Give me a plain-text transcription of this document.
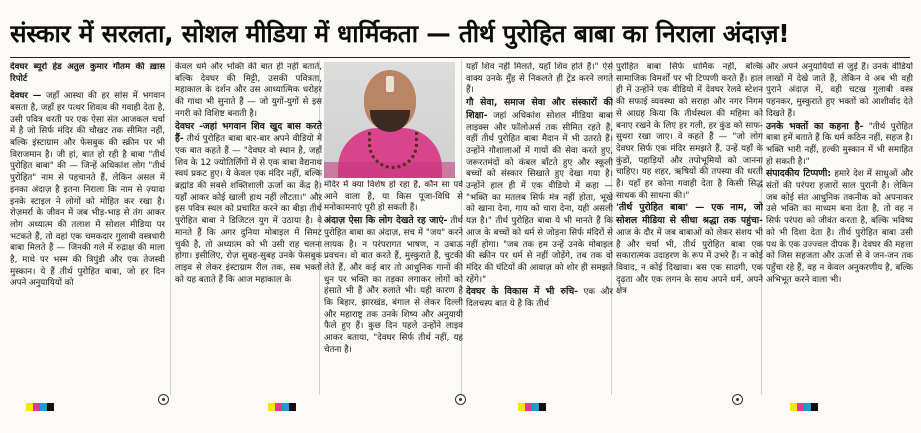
संस्कार में सरलता, सोशल मीडिया में धार्मिकता — तीर्थ पुरोहित बाबा का निराला अंदाज़!
देवघर ब्यूरो हेड अतुल कुमार गौतम की ख़ास रिपोर्ट

देवघर — जहाँ आस्था की हर सांस में भगवान बसता है, जहाँ हर पत्थर शिवत्व की गवाही देता है, उसी पवित्र धरती पर एक ऐसा संत आजकल चर्चा में है जो सिर्फ मंदिर की चौखट तक सीमित नहीं, बल्कि इंस्टाग्राम और फेसबुक की स्क्रीन पर भी विराजमान है। जी हां, बात हो रही है बाबा "तीर्थ पुरोहित बाबा" की — जिन्हें अधिकांश लोग "तीर्थ पुरोहित" नाम से पहचानते हैं, लेकिन असल में इनका अंदाज़ है इतना निराला कि नाम से ज़्यादा इनके स्टाइल ने लोगों को मोहित कर रखा है। रोज़मर्रा के जीवन में जब भीड़-भाड़ से तंग आकर लोग अध्यात्म की तलाश में सोशल मीडिया पर भटकते हैं, तो वहां एक चमकदार गुलाबी वस्त्रधारी बाबा मिलते हैं — जिनकी गले में रुद्राक्ष की माला है, माथे पर भस्म की त्रिपुंडी और एक तेजस्वी मुस्कान। ये हैं तीर्थ पुरोहित बाबा, जो हर दिन अपने अनुयायियों को

केवल धर्म और भक्ति की बात ही नहीं बताते, बल्कि देवघर की मिट्टी, उसकी पवित्रता, महाकाल के दर्शन और उस आध्यात्मिक धरोहर की गाथा भी सुनाते हैं — जो युगों-युगों से इस नगरी को विशिष्ट बनाती है।

देवघर -जहां भगवान शिव खुद बास करते हैं- तीर्थ पुरोहित बाबा बार-बार अपने वीडियो में एक बात कहते हैं — "देवघर वो स्थान है, जहाँ शिव के 12 ज्योतिर्लिंगों में से एक बाबा वैद्यनाथ स्वयं प्रकट हुए। ये केवल एक मंदिर नहीं, बल्कि ब्रह्मांड की सबसे शक्तिशाली ऊर्जा का केंद्र है। यहाँ आकर कोई खाली हाथ नहीं लौटता।" और इस पवित्र स्थल को प्रचारित करने का बीड़ा तीर्थ पुरोहित बाबा ने डिजिटल युग में उठाया है। वे मानते हैं कि अगर दुनिया मोबाइल में सिमट चुकी है, तो अध्यात्म को भी उसी राह चलना होगा। इसीलिए, रोज़ सुबह-सुबह उनके फेसबुक लाइव से लेकर इंस्टाग्राम रील तक, सब भक्तों को यह बताते हैं कि आज महाकाल के

मंदिर में क्या विशेष हो रहा है, कौन सा पर्व आने वाला है, या किस पूजा-विधि से मनोकामनाएं पूरी हो सकती हैं।

अंदाज़ ऐसा कि लोग देखते रह जाएं- तीर्थ पुरोहित बाबा का अंदाज़, सच में "जय" करने लायक है। न परंपरागत भाषण, न उबाऊ प्रवचन। वो बात करते हैं, मुस्कुराते हैं, चुटकी लेते हैं, और कई बार तो आधुनिक गानों की धुन पर भक्ति का तड़का लगाकर लोगों को हंसाते भी हैं और रुलाते भी। यही कारण है कि बिहार, झारखंड, बंगाल से लेकर दिल्ली और महाराष्ट्र तक उनके शिष्य और अनुयायी फैले हुए हैं। कुछ दिन पहले उन्होंने लाइव आकर बताया, "देवघर सिर्फ तीर्थ नहीं, यह चेतना है।

यहाँ शिव नहीं मिलते, यहाँ शिव होते हैं।" ऐसे वाक्य उनके मुँह से निकलते ही ट्रेंड करने लगते हैं।

गौ सेवा, समाज सेवा और संस्कारों की शिक्षा- जहां अधिकांश सोशल मीडिया बाबा लाइक्स और फॉलोअर्स तक सीमित रहते हैं, वहीं तीर्थ पुरोहित बाबा मैदान में भी उतरते हैं। उन्होंने गौशालाओं में गायों की सेवा करते हुए, जरूरतमंदों को कंबल बाँटते हुए और स्कूली बच्चों को संस्कार सिखाते हुए देखा गया है। उन्होंने हाल ही में एक वीडियो में कहा — "भक्ति का मतलब सिर्फ मंत्र नहीं होता, भूखे को खाना देना, गाय को चारा देना, यही असली यज्ञ है।" तीर्थ पुरोहित बाबा ये भी मानते हैं कि आज के बच्चों को धर्म से जोड़ना सिर्फ मंदिरों से नहीं होगा। "जब तक हम उन्हें उनके मोबाइल की स्क्रीन पर धर्म से नहीं जोड़ेंगे, तब तक वो मंदिर की घंटियों की आवाज़ को शोर ही समझते रहेंगे।"

देवघर के विकास में भी रुचि- एक और दिलचस्प बात ये है कि तीर्थ

पुरोहित बाबा सिर्फ धार्मिक नहीं, बल्कि सामाजिक विमर्शों पर भी टिप्पणी करते हैं। हाल ही में उन्होंने एक वीडियो में देवघर रेलवे स्टेशन की सफाई व्यवस्था को सराहा और नगर निगम से आग्रह किया कि तीर्थस्थल की महिमा को बनाए रखने के लिए हर गली, हर कुंड को साफ-सुथरा रखा जाए। वे कहते हैं — "जो लोग देवघर सिर्फ एक मंदिर समझते हैं, उन्हें यहाँ के कुंडों, पहाड़ियों और तपोभूमियों को जानना चाहिए। यह शहर, ऋषियों की तपस्या की धरती है। यहाँ हर कोना गवाही देता है किसी सिद्ध साधक की साधना की।"

'तीर्थ पुरोहित बाबा' — एक नाम, जो सोशल मीडिया से सीधा श्रद्धा तक पहुंचा- आज के दौर में जब बाबाओं को लेकर संशय भी है और चर्चा भी, तीर्थ पुरोहित बाबा एक सकारात्मक उदाहरण के रूप में उभरे हैं। न कोई विवाद, न कोई दिखावा। बस एक सादगी, एक दृढ़ता और एक लगन के साथ अपने धर्म, अपने क्षेत्र

और अपने अनुयायियों से जुड़े हैं। उनके वीडियो लाखों में देखे जाते हैं, लेकिन वे अब भी वही पुराने अंदाज़ में, वही चटख गुलाबी वस्त्र पहनकर, मुस्कुराते हुए भक्तों को आशीर्वाद देते दिखते हैं।

उनके भक्तों का कहना है- "तीर्थ पुरोहित बाबा हमें बताते हैं कि धर्म कठिन नहीं, सहज है। भक्ति भारी नहीं, हल्की मुस्कान में भी समाहित हो सकती है।"

संपादकीय टिप्पणी: हमारे देश में साधुओं और संतों की परंपरा हजारों साल पुरानी है। लेकिन जब कोई संत आधुनिक तकनीक को अपनाकर उसे भक्ति का माध्यम बना देता है, तो वह न सिर्फ परंपरा को जीवंत करता है, बल्कि भविष्य को भी दिशा देता है। तीर्थ पुरोहित बाबा उसी पथ के एक उज्ज्वल दीपक हैं। देवघर की महत्ता को जिस सहजता और ऊर्जा से वे जन-जन तक पहुँचा रहे हैं, वह न केवल अनुकरणीय है, बल्कि अभिभूत करने वाला भी।
